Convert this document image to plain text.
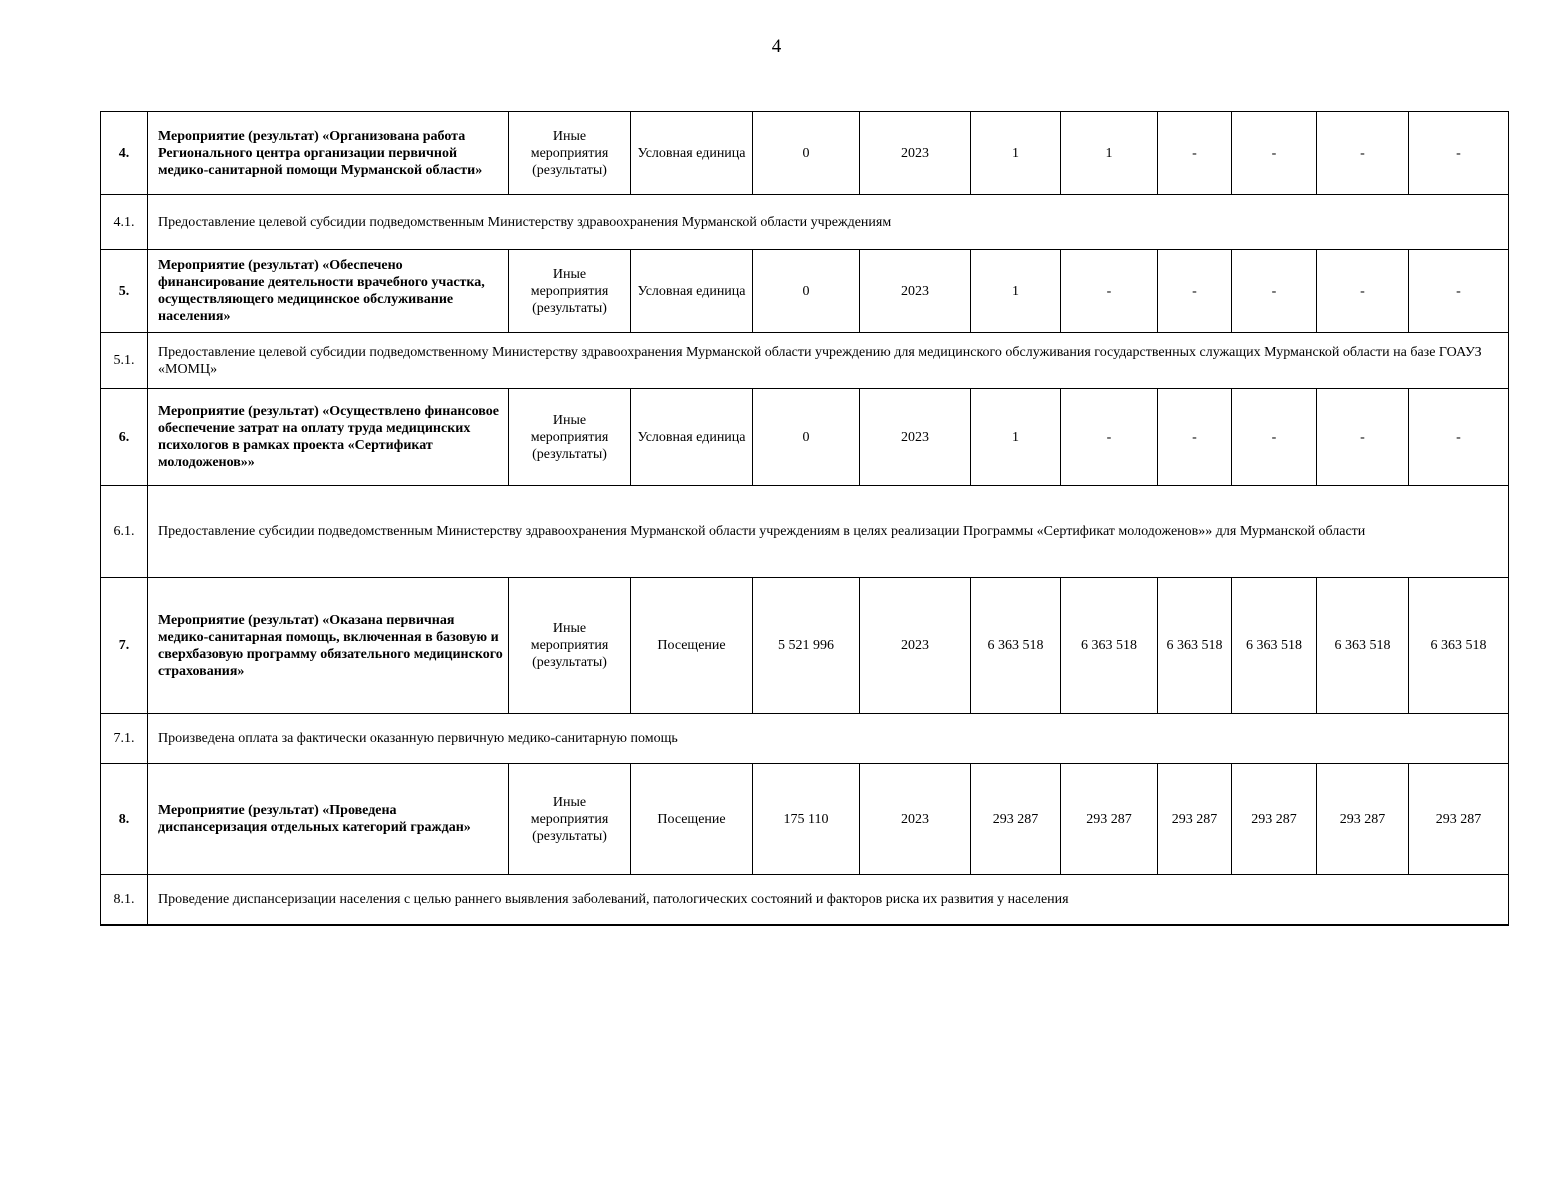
4
4.	Мероприятие (результат) «Организована работа Регионального центра организации первичной медико-санитарной помощи Мурманской области»	Иные мероприятия (результаты)	Условная единица	0	2023	1	1	-	-	-	-
4.1.	Предоставление целевой субсидии подведомственным Министерству здравоохранения Мурманской области учреждениям										
5.	Мероприятие (результат) «Обеспечено финансирование деятельности врачебного участка, осуществляющего медицинское обслуживание населения»	Иные мероприятия (результаты)	Условная единица	0	2023	1	-	-	-	-	-
5.1.	Предоставление целевой субсидии подведомственному Министерству здравоохранения Мурманской области учреждению для медицинского обслуживания государственных служащих Мурманской области на базе ГОАУЗ «МОМЦ»										
6.	Мероприятие (результат) «Осуществлено финансовое обеспечение затрат на оплату труда медицинских психологов в рамках проекта «Сертификат молодоженов»»	Иные мероприятия (результаты)	Условная единица	0	2023	1	-	-	-	-	-
6.1.	Предоставление субсидии подведомственным Министерству здравоохранения Мурманской области учреждениям в целях реализации Программы «Сертификат молодоженов»» для Мурманской области										
7.	Мероприятие (результат) «Оказана первичная медико-санитарная помощь, включенная в базовую и сверхбазовую программу обязательного медицинского страхования»	Иные мероприятия (результаты)	Посещение	5 521 996	2023	6 363 518	6 363 518	6 363 518	6 363 518	6 363 518	6 363 518
7.1.	Произведена оплата за фактически оказанную первичную медико-санитарную помощь										
8.	Мероприятие (результат) «Проведена диспансеризация отдельных категорий граждан»	Иные мероприятия (результаты)	Посещение	175 110	2023	293 287	293 287	293 287	293 287	293 287	293 287
8.1.	Проведение диспансеризации населения с целью раннего выявления заболеваний, патологических состояний и факторов риска их развития у населения										
